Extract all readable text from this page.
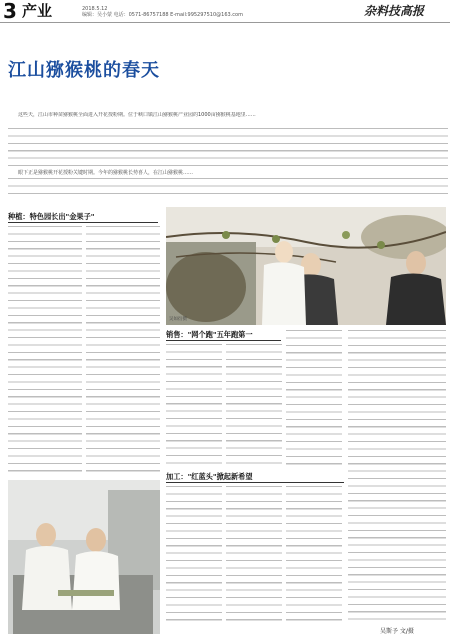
3 产业	2018.5.12
编辑：吴小蒙 电话：0571-86757188 E-mail:995297510@163.com	杂料技高报
江山猕猴桃的春天

这些天，江山市种苗猕猴桃全面进入开花授粉期。位于峡口镇江山猕猴桃产业园的1000亩猕猴桃基地里……

眼下正是猕猴桃开花授粉关键时期。今年的猕猴桃长势喜人，在江山猕猴桃……

吴如衍摄
种植：特色园长出"金果子"
销售："网个跑"五年跑第一
加工："红蓝头"掀起新希望
吴斯予 文/摄
